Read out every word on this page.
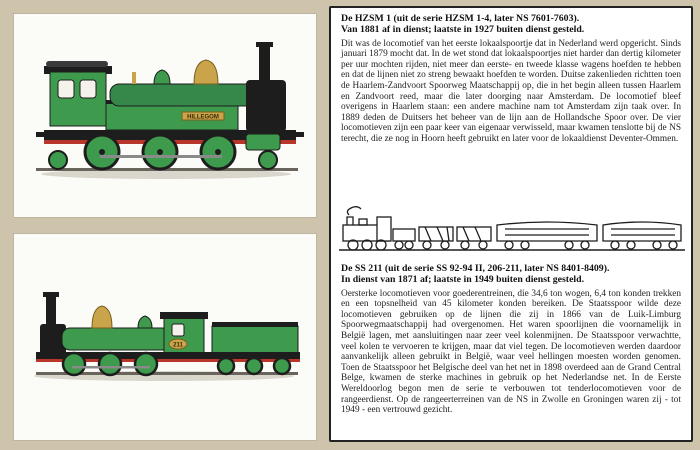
HILLEGOM
211

De HZSM 1 (uit de serie HZSM 1-4, later NS 7601-7603).
Van 1881 af in dienst; laatste in 1927 buiten dienst gesteld.

Dit was de locomotief van het eerste lokaalspoortje dat in Nederland werd opgericht. Sinds januari 1879 mocht dat. In de wet stond dat lokaalspoortjes niet harder dan dertig kilometer per uur mochten rijden, niet meer dan eerste- en tweede klasse wagens hoefden te hebben en dat de lijnen niet zo streng bewaakt hoefden te worden. Duitse zakenlieden richtten toen de Haarlem-Zandvoort Spoorweg Maatschappij op, die in het begin alleen tussen Haarlem en Zandvoort reed, maar die later doorging naar Amsterdam. De locomotief bleef overigens in Haarlem staan: een andere machine nam tot Amsterdam zijn taak over. In 1889 deden de Duitsers het beheer van de lijn aan de Hollandsche Spoor over. De vier locomotieven zijn een paar keer van eigenaar verwisseld, maar kwamen tenslotte bij de NS terecht, die ze nog in Hoorn heeft gebruikt en later voor de lokaaldienst Deventer-Ommen.

De SS 211 (uit de serie SS 92-94 II, 206-211, later NS 8401-8409).
In dienst van 1871 af; laatste in 1949 buiten dienst gesteld.

Oersterke locomotieven voor goederentreinen, die 34,6 ton wogen, 6,4 ton konden trekken en een topsnelheid van 45 kilometer konden bereiken. De Staatsspoor wilde deze locomotieven gebruiken op de lijnen die zij in 1866 van de Luik-Limburg Spoorwegmaatschappij had overgenomen. Het waren spoorlijnen die voornamelijk in België lagen, met aansluitingen naar zeer veel kolenmijnen. De Staatsspoor verwachtte, veel kolen te vervoeren te krijgen, maar dat viel tegen. De locomotieven werden daardoor aanvankelijk alleen gebruikt in België, waar veel hellingen moesten worden genomen. Toen de Staatsspoor het Belgische deel van het net in 1898 overdeed aan de Grand Central Belge, kwamen de sterke machines in gebruik op het Nederlandse net. In de Eerste Wereldoorlog begon men de serie te verbouwen tot tenderlocomotieven voor de rangeerdienst. Op de rangeerterreinen van de NS in Zwolle en Groningen waren zij - tot 1949 - een vertrouwd gezicht.
